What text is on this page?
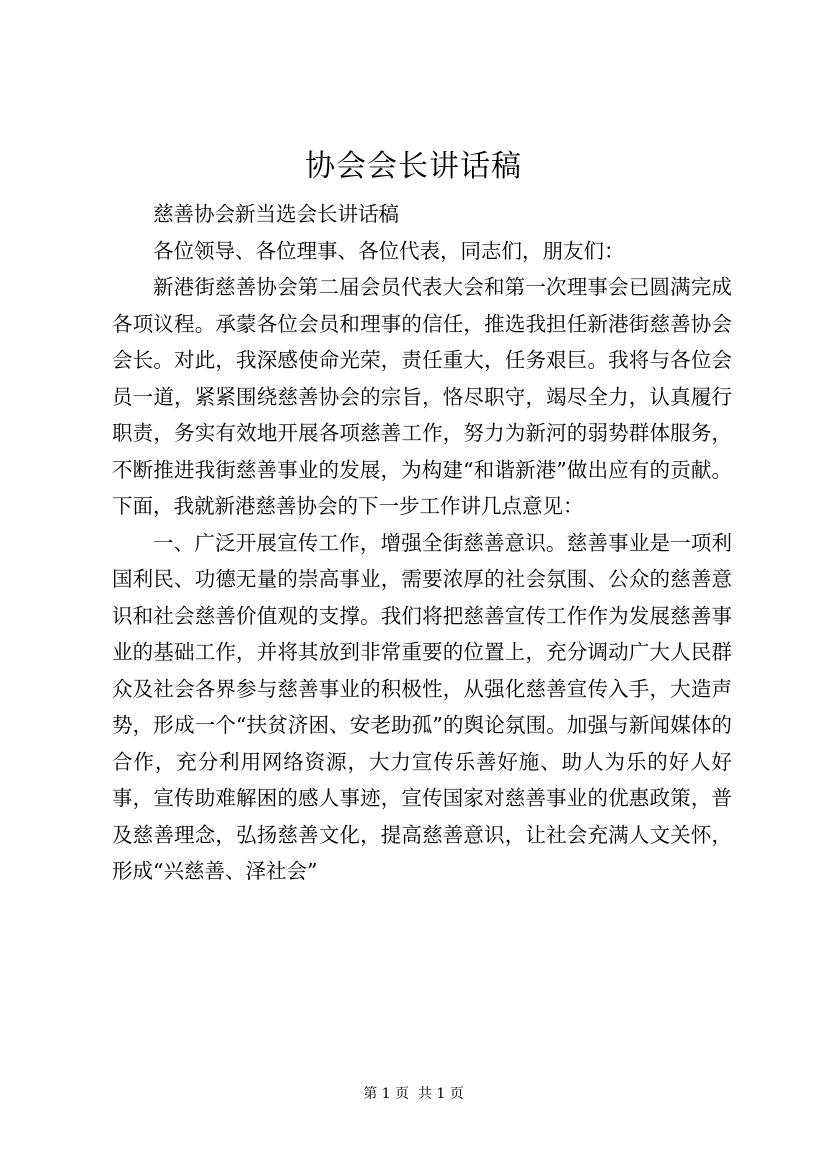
协会会长讲话稿

慈善协会新当选会长讲话稿

各位领导、各位理事、各位代表，同志们，朋友们：

新港街慈善协会第二届会员代表大会和第一次理事会已圆满完成各项议程。承蒙各位会员和理事的信任，推选我担任新港街慈善协会会长。对此，我深感使命光荣，责任重大，任务艰巨。我将与各位会员一道，紧紧围绕慈善协会的宗旨，恪尽职守，竭尽全力，认真履行职责，务实有效地开展各项慈善工作，努力为新河的弱势群体服务，不断推进我街慈善事业的发展，为构建“和谐新港”做出应有的贡献。下面，我就新港慈善协会的下一步工作讲几点意见：

一、广泛开展宣传工作，增强全街慈善意识。慈善事业是一项利国利民、功德无量的崇高事业，需要浓厚的社会氛围、公众的慈善意识和社会慈善价值观的支撑。我们将把慈善宣传工作作为发展慈善事业的基础工作，并将其放到非常重要的位置上，充分调动广大人民群众及社会各界参与慈善事业的积极性，从强化慈善宣传入手，大造声势，形成一个“扶贫济困、安老助孤”的舆论氛围。加强与新闻媒体的合作，充分利用网络资源，大力宣传乐善好施、助人为乐的好人好事，宣传助难解困的感人事迹，宣传国家对慈善事业的优惠政策，普及慈善理念，弘扬慈善文化，提高慈善意识，让社会充满人文关怀，形成“兴慈善、泽社会”

第 1 页  共 1 页
